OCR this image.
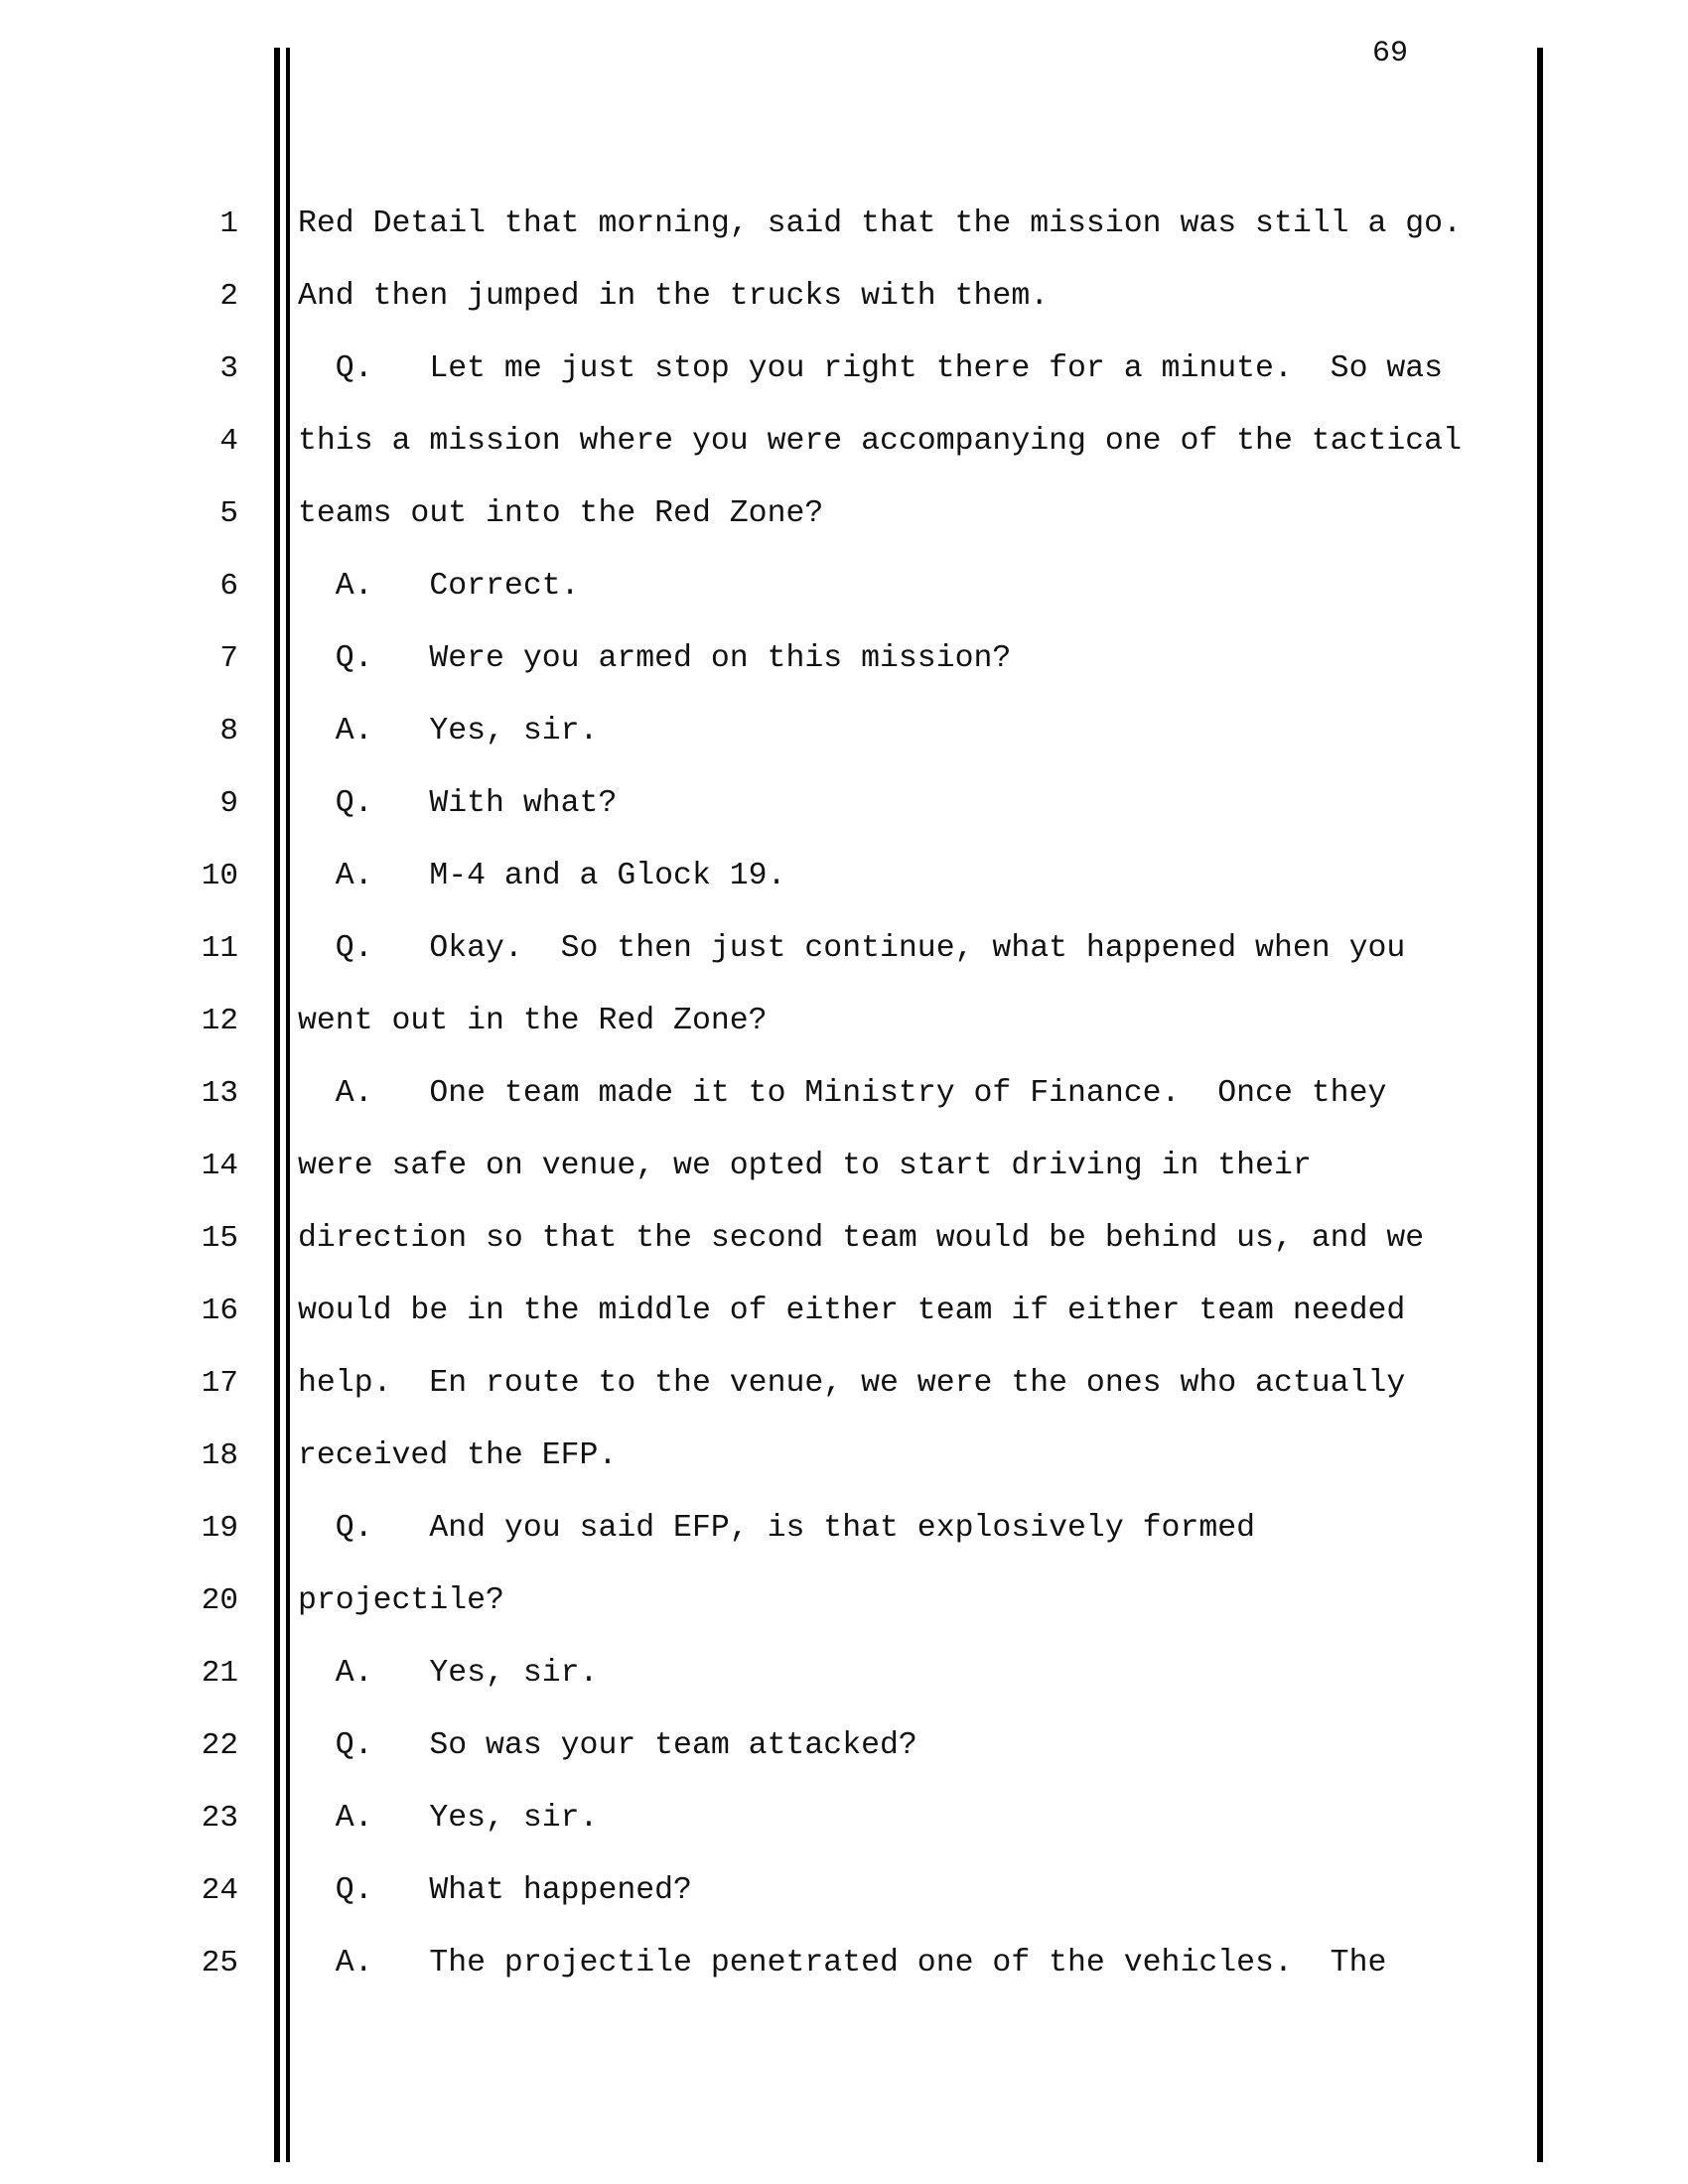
69
1 Red Detail that morning, said that the mission was still a go.
2 And then jumped in the trucks with them.
3 Q.   Let me just stop you right there for a minute.  So was
4 this a mission where you were accompanying one of the tactical
5 teams out into the Red Zone?
6 A.   Correct.
7 Q.   Were you armed on this mission?
8 A.   Yes, sir.
9 Q.   With what?
10 A.   M-4 and a Glock 19.
11 Q.   Okay.  So then just continue, what happened when you
12 went out in the Red Zone?
13 A.   One team made it to Ministry of Finance.  Once they
14 were safe on venue, we opted to start driving in their
15 direction so that the second team would be behind us, and we
16 would be in the middle of either team if either team needed
17 help.  En route to the venue, we were the ones who actually
18 received the EFP.
19 Q.   And you said EFP, is that explosively formed
20 projectile?
21 A.   Yes, sir.
22 Q.   So was your team attacked?
23 A.   Yes, sir.
24 Q.   What happened?
25 A.   The projectile penetrated one of the vehicles.  The
